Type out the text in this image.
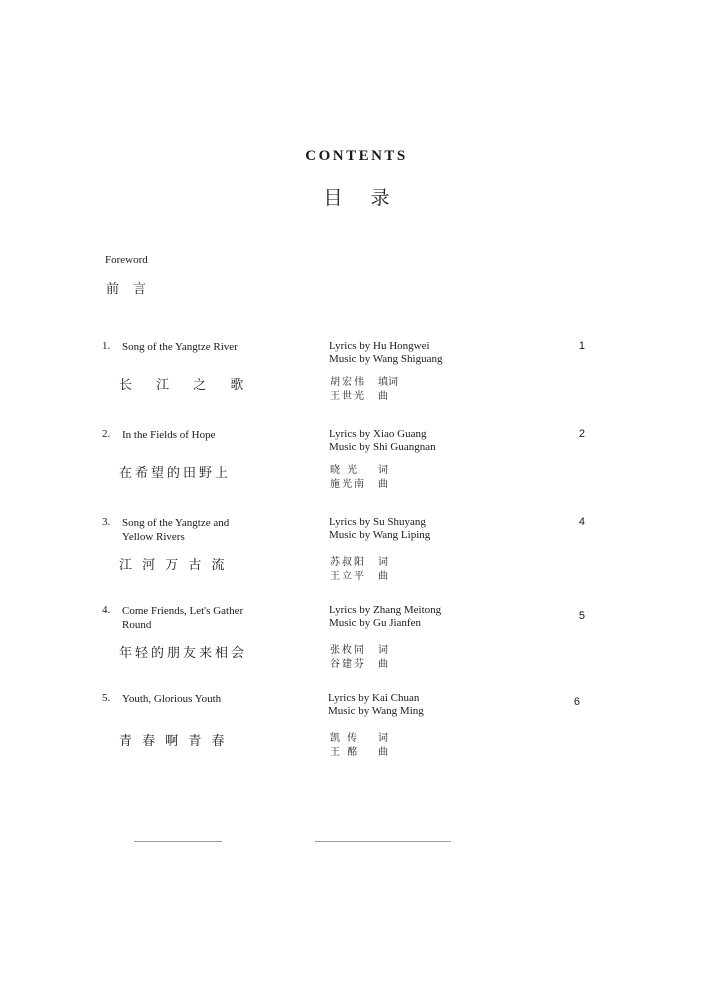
CONTENTS
目录
Foreword
前言
1. Song of the Yangtze River
长 江 之 歌
Lyrics by Hu Hongwei
Music by Wang Shiguang
胡宏伟 填词
王世光 曲
1
2. In the Fields of Hope
在希望的田野上
Lyrics by Xiao Guang
Music by Shi Guangnan
晓 光 词
施光南 曲
2
3. Song of the Yangtze and Yellow Rivers
江 河 万 古 流
Lyrics by Su Shuyang
Music by Wang Liping
苏叔阳 词
王立平 曲
4
4. Come Friends, Let's Gather Round
年轻的朋友来相会
Lyrics by Zhang Meitong
Music by Gu Jianfen
张枚同 词
谷建芬 曲
5
5. Youth, Glorious Youth
青 春 啊 青 春
Lyrics by Kai Chuan
Music by Wang Ming
凯 传 词
王 酩 曲
6
